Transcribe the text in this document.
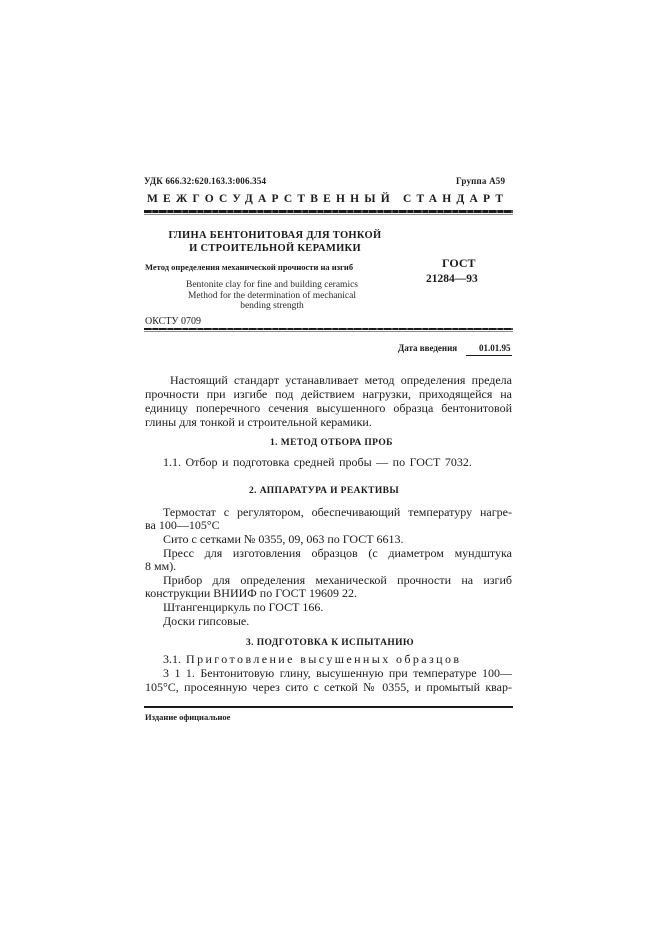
УДК 666.32:620.163.3:006.354	Группа А59
МЕЖГОСУДАРСТВЕННЫЙ СТАНДАРТ
ГЛИНА БЕНТОНИТОВАЯ ДЛЯ ТОНКОЙ
И СТРОИТЕЛЬНОЙ КЕРАМИКИ
Метод определения механической прочности на изгиб
Bentonite clay for fine and building ceramics
Method for the determination of mechanical
bending strength
ГОСТ
21284—93
ОКСТУ 0709
Дата введения 01.01.95
Настоящий стандарт устанавливает метод определения предела
прочности при изгибе под действием нагрузки, приходящейся на
единицу поперечного сечения высушенного образца бентонитовой
глины для тонкой и строительной керамики.
1. МЕТОД ОТБОРА ПРОБ
1.1. Отбор и подготовка средней пробы — по ГОСТ 7032.
2. АППАРАТУРА И РЕАКТИВЫ
Термостат с регулятором, обеспечивающий температуру нагре-
ва 100—105°С
Сито с сетками № 0355, 09, 063 по ГОСТ 6613.
Пресс для изготовления образцов (с диаметром мундштука
8 мм).
Прибор для определения механической прочности на изгиб
конструкции ВНИИФ по ГОСТ 19609 22.
Штангенциркуль по ГОСТ 166.
Доски гипсовые.
3. ПОДГОТОВКА К ИСПЫТАНИЮ
3.1. Приготовление высушенных образцов
3 1 1. Бентонитовую глину, высушенную при температуре 100—
105°С, просеянную через сито с сеткой № 0355, и промытый квар-
Издание официальное
